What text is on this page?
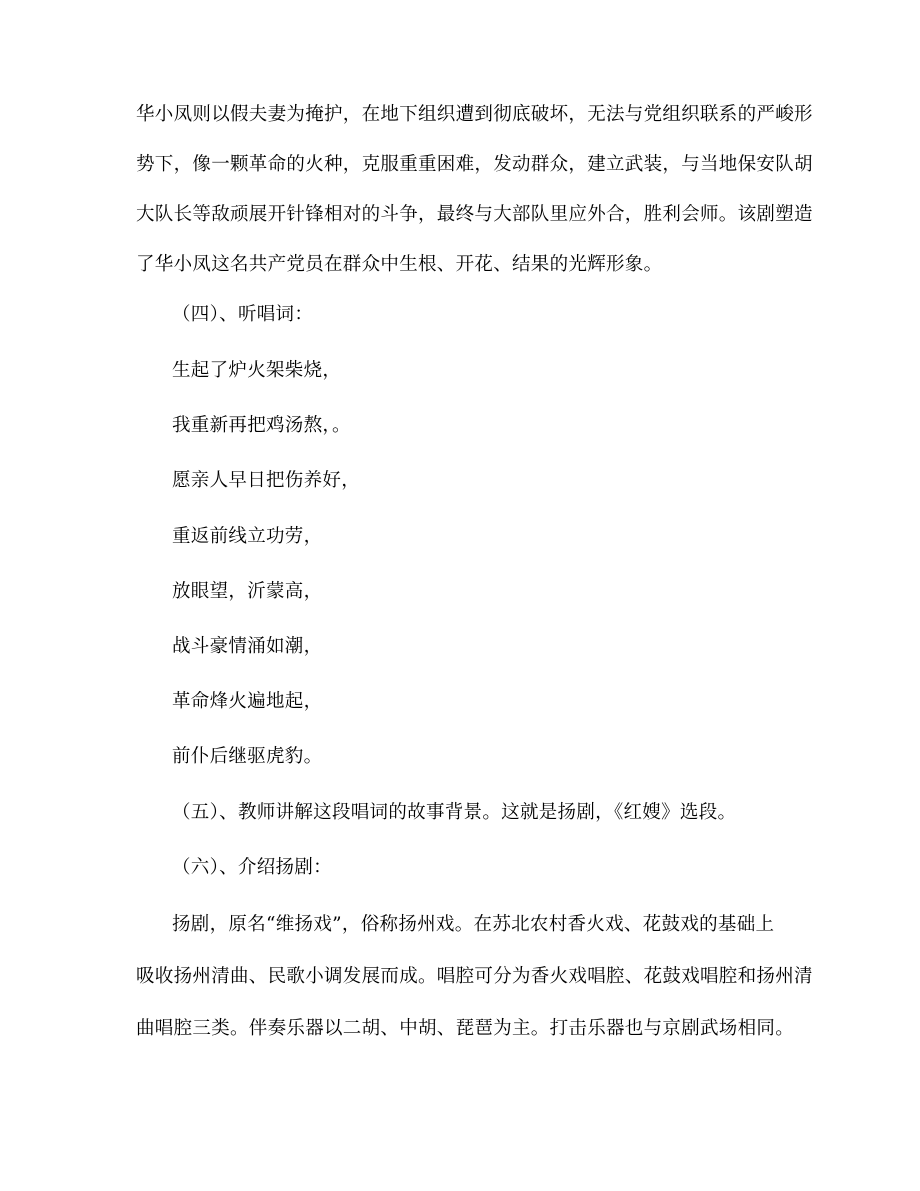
华小凤则以假夫妻为掩护，在地下组织遭到彻底破坏，无法与党组织联系的严峻形
势下，像一颗革命的火种，克服重重困难，发动群众，建立武装，与当地保安队胡
大队长等敌顽展开针锋相对的斗争，最终与大部队里应外合，胜利会师。该剧塑造
了华小凤这名共产党员在群众中生根、开花、结果的光辉形象。
（四）、听唱词：
生起了炉火架柴烧，
我重新再把鸡汤熬，。
愿亲人早日把伤养好，
重返前线立功劳，
放眼望，沂蒙高，
战斗豪情涌如潮，
革命烽火遍地起，
前仆后继驱虎豹。
（五）、教师讲解这段唱词的故事背景。这就是扬剧，《红嫂》选段。
（六）、介绍扬剧：
扬剧，原名“维扬戏”，俗称扬州戏。在苏北农村香火戏、花鼓戏的基础上
吸收扬州清曲、民歌小调发展而成。唱腔可分为香火戏唱腔、花鼓戏唱腔和扬州清
曲唱腔三类。伴奏乐器以二胡、中胡、琵琶为主。打击乐器也与京剧武场相同。
